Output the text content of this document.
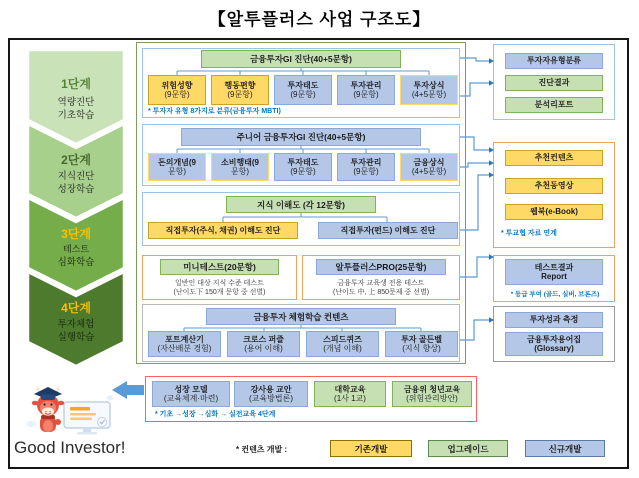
【알투플러스 사업 구조도】
1단계
역량진단
기초학습
2단계
지식진단
성장학습
3단계
테스트
심화학습
4단계
투자체험
실행학습
금융투자GI 진단(40+5문항)
위험성향
(9문항)
행동편향
(9문항)
투자태도
(9문항)
투자관리
(9문항)
투자상식
(4+5문항)
* 투자자 유형 8가지로 분류(금융투자 MBTI)
주니어 금융투자GI 진단(40+5문항)
돈의개념(9
문항)
소비행태(9
문항)
투자태도
(9문항)
투자관리
(9문항)
금융상식
(4+5문항)
지식 이해도 (각 12문항)
직접투자(주식, 채권) 이해도 진단	직접투자(펀드) 이해도 진단
미니테스트(20문항)
일반인 대상 지식 수준 테스트
(난이도下 150개 문항 중 선별)
알투플러스PRO(25문항)
금융투자 교육생 전용 테스트
(난이도 中, 上 850문제 중 선별)
금융투자 체험학습 컨텐츠
포트계산기
(자산배분 경험)
크로스 퍼즐
(용어 이해)
스피드퀴즈
(개념 이해)
투자 골든벨
(지식 향상)
성장 모델
(교육체계·마련)
강사용 교안
(교육방법론)
대학교육
(1사 1교)
금융위 청년교육
(위험관리방안)
* 기초 →성장 →심화 → 실전교육 4단계
투자자유형분류
진단결과
분석리포트
추천컨텐츠
추천동영상
웹북(e-Book)
* 투교협 자료 연계
테스트결과
Report
* 등급 부여 (골드, 실버, 브론즈)
투자성과 측정
금융투자용어집
(Glossary)
Good Investor!	* 컨텐츠 개발 :	기존개발	업그레이드	신규개발
